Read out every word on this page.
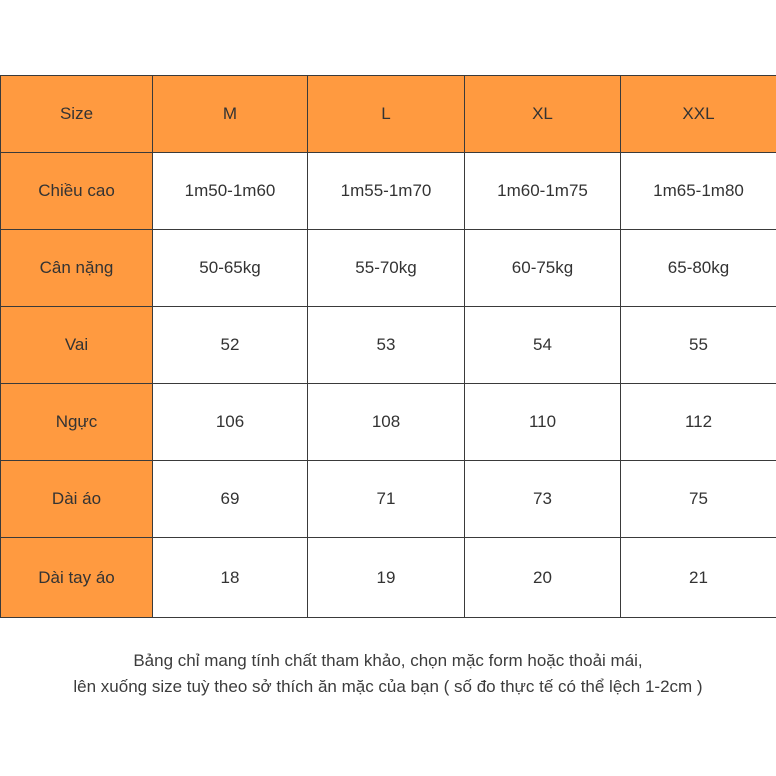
Size	M	L	XL	XXL
Chiều cao	1m50-1m60	1m55-1m70	1m60-1m75	1m65-1m80
Cân nặng	50-65kg	55-70kg	60-75kg	65-80kg
Vai	52	53	54	55
Ngực	106	108	110	112
Dài áo	69	71	73	75
Dài tay áo	18	19	20	21
Bảng chỉ mang tính chất tham khảo, chọn mặc form hoặc thoải mái,
lên xuống size tuỳ theo sở thích ăn mặc của bạn ( số đo thực tế có thể lệch 1-2cm )
